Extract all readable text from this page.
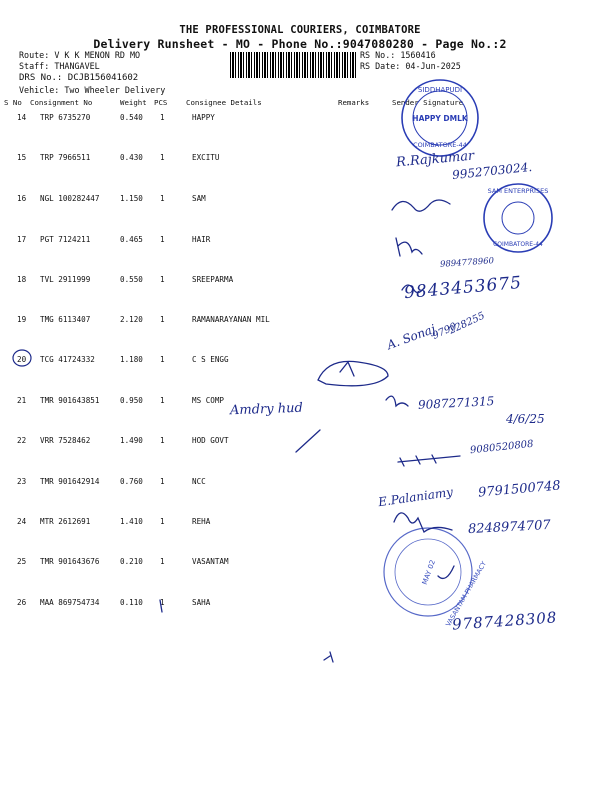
THE PROFESSIONAL COURIERS, COIMBATORE
Delivery Runsheet - MO - Phone No.:9047080280 - Page No.:2
Route: V K K MENON RD MO
Staff: THANGAVEL
DRS No.: DCJB156041602
Vehicle: Two Wheeler Delivery
RS No.: 1560416
RS Date: 04-Jun-2025
S No Consignment No	Weight PCS	Consignee Details	Remarks	Sender Signature
14 TRP 6735270	0.540 1	HAPPY
15 TRP 7966511	0.430 1	EXCITU
16 NGL 100282447	1.150 1	SAM
17 PGT 7124211	0.465 1	HAIR
18 TVL 2911999	0.550 1	SREEPARMA
19 TMG 6113407	2.120 1	RAMANARAYANAN MIL
20 TCG 41724332	1.180 1	C S ENGG
21 TMR 901643851	0.950 1	MS COMP
22 VRR 7528462	1.490 1	HOD GOVT
23 TMR 901642914	0.760 1	NCC
24 MTR 2612691	1.410 1	REHA
25 TMR 901643676	0.210 1	VASANTAM
26 MAA 869754734	0.110 1	SAHA
SIDDHAPUDI
HAPPY DMLK
COIMBATORE-44
SAM ENTERPRISES
COIMBATORE-44
MAY 02 VASANTAM PHARMACY
R.Rajkumar
9952703024.
9894778960
9843453675
A. Sonaj
9790
228255
Amdry hud	9087271315
4/6/25
9080520808
E.Palaniamy 9791500748
8248974707
9787428308
